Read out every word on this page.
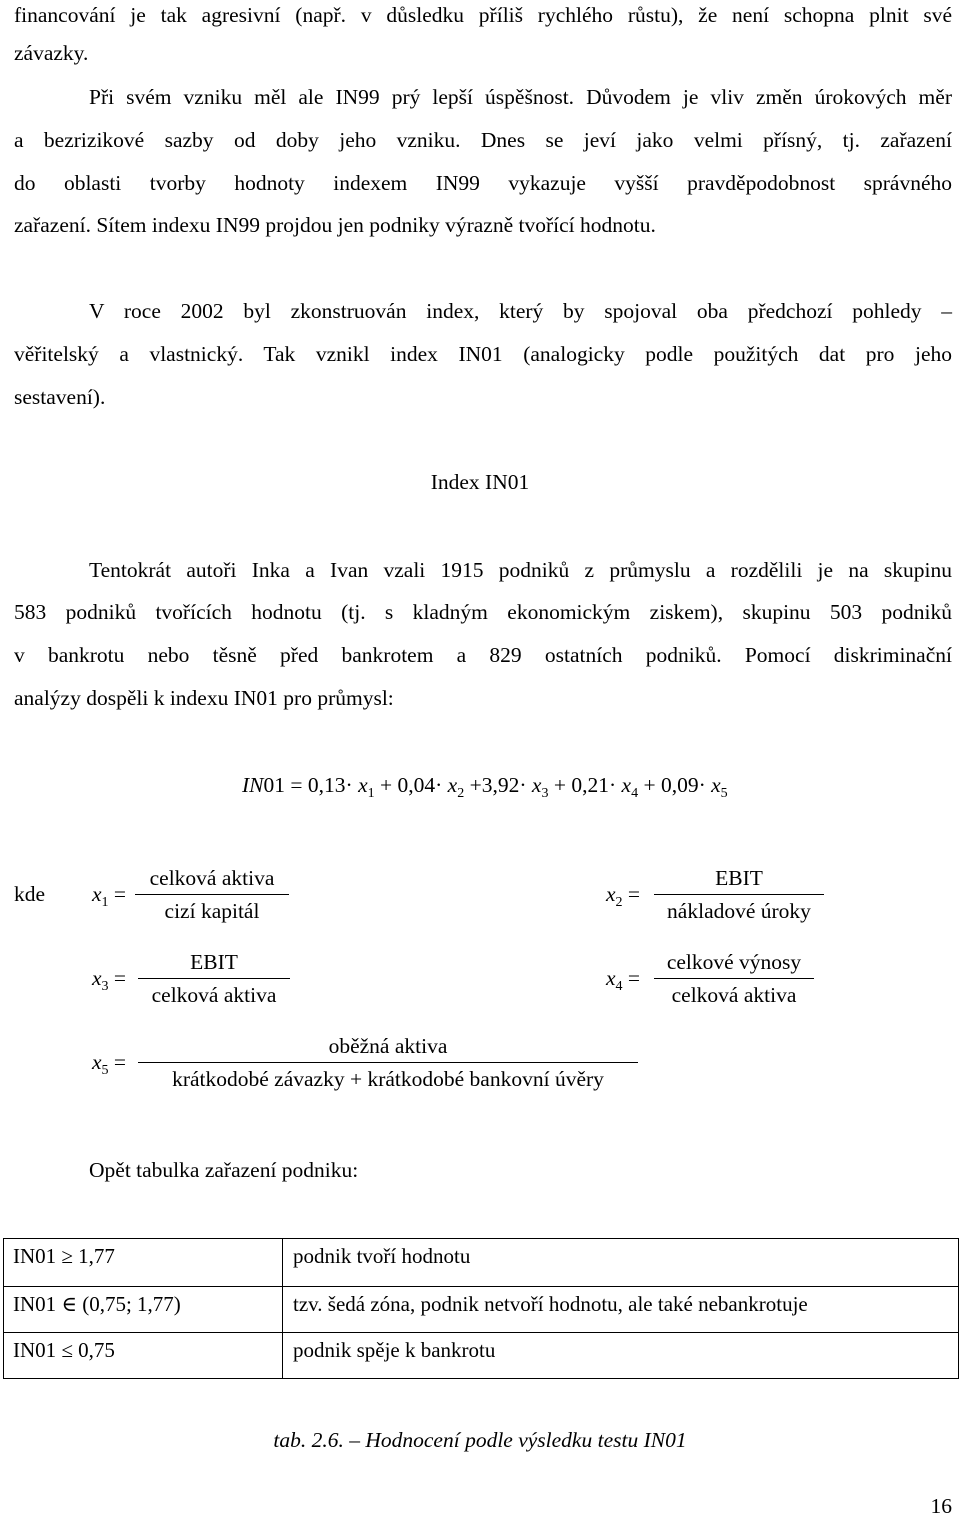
financování je tak agresivní (např. v důsledku příliš rychlého růstu), že není schopna plnit své
závazky.
Při svém vzniku měl ale IN99 prý lepší úspěšnost. Důvodem je vliv změn úrokových měr
a bezrizikové sazby od doby jeho vzniku. Dnes se jeví jako velmi přísný, tj. zařazení
do oblasti tvorby hodnoty indexem IN99 vykazuje vyšší pravděpodobnost správného
zařazení. Sítem indexu IN99 projdou jen podniky výrazně tvořící hodnotu.
V roce 2002 byl zkonstruován index, který by spojoval oba předchozí pohledy –
věřitelský a vlastnický. Tak vznikl index IN01 (analogicky podle použitých dat pro jeho
sestavení).
Index IN01
Tentokrát autoři Inka a Ivan vzali 1915 podniků z průmyslu a rozdělili je na skupinu
583 podniků tvořících hodnotu (tj. s kladným ekonomickým ziskem), skupinu 503 podniků
v bankrotu nebo těsně před bankrotem a 829 ostatních podniků. Pomocí diskriminační
analýzy dospěli k indexu IN01 pro průmysl:
$IN01 = 0,13\cdot x_1 + 0,04\cdot x_2 +3,92\cdot x_3 + 0,21\cdot x_4 + 0,09\cdot x_5$
kde $x_1$ =
celková aktiva
cizí kapitál
$x_2$ =
EBIT
nákladové úroky
$x_3$ =
EBIT
celková aktiva
$x_4$ =
celkové výnosy
celková aktiva
$x_5$ =
oběžná aktiva
krátkodobé závazky + krátkodobé bankovní úvěry
Opět tabulka zařazení podniku:
IN01 ≥ 1,77	podnik tvoří hodnotu
IN01 ∈ (0,75; 1,77)	tzv. šedá zóna, podnik netvoří hodnotu, ale také nebankrotuje
IN01 ≤ 0,75	podnik spěje k bankrotu
tab. 2.6. – Hodnocení podle výsledku testu IN01
16
